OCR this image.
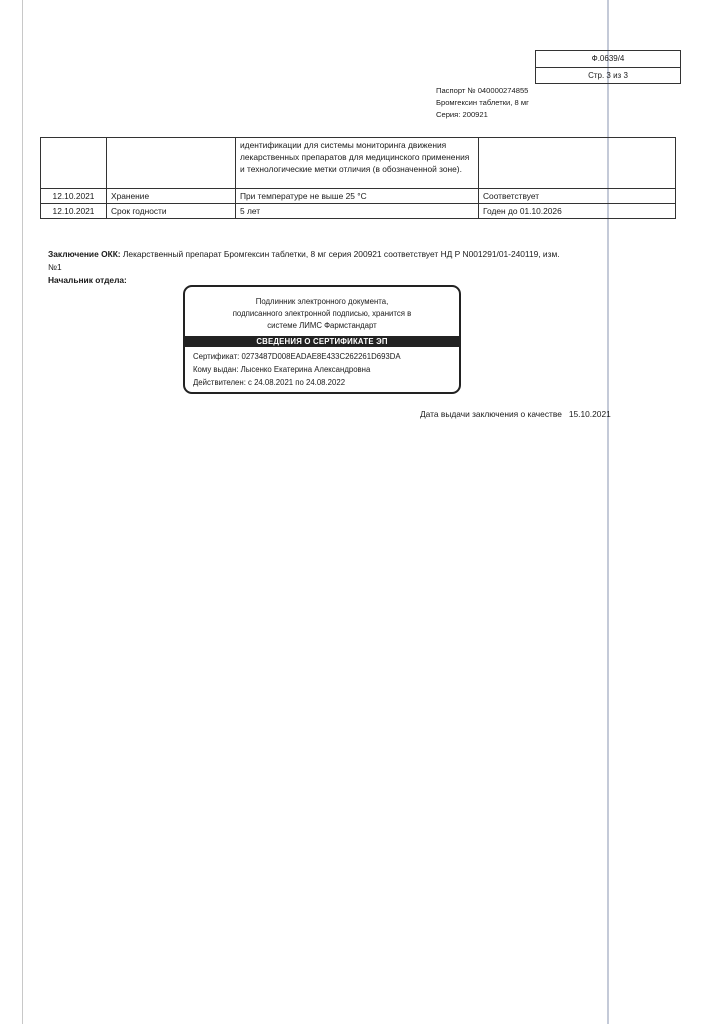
Ф.0639/4
Стр. 3 из 3
Паспорт № 040000274855
Бромгексин таблетки, 8 мг
Серия: 200921
		идентификации для системы мониторинга движения лекарственных препаратов для медицинского применения и технологические метки отличия (в обозначенной зоне).	
12.10.2021	Хранение	При температуре не выше 25 °С	Соответствует
12.10.2021	Срок годности	5 лет	Годен до 01.10.2026
Заключение ОКК: Лекарственный препарат Бромгексин таблетки, 8 мг серия 200921 соответствует НД Р N001291/01-240119, изм. №1
Начальник отдела:
Подлинник электронного документа,
подписанного электронной подписью, хранится в
системе ЛИМС Фармстандарт
СВЕДЕНИЯ О СЕРТИФИКАТЕ ЭП
Сертификат: 0273487D008EADAE8E433C262261D693DA
Кому выдан: Лысенко Екатерина Александровна
Действителен: с 24.08.2021 по 24.08.2022
Дата выдачи заключения о качестве   15.10.2021
